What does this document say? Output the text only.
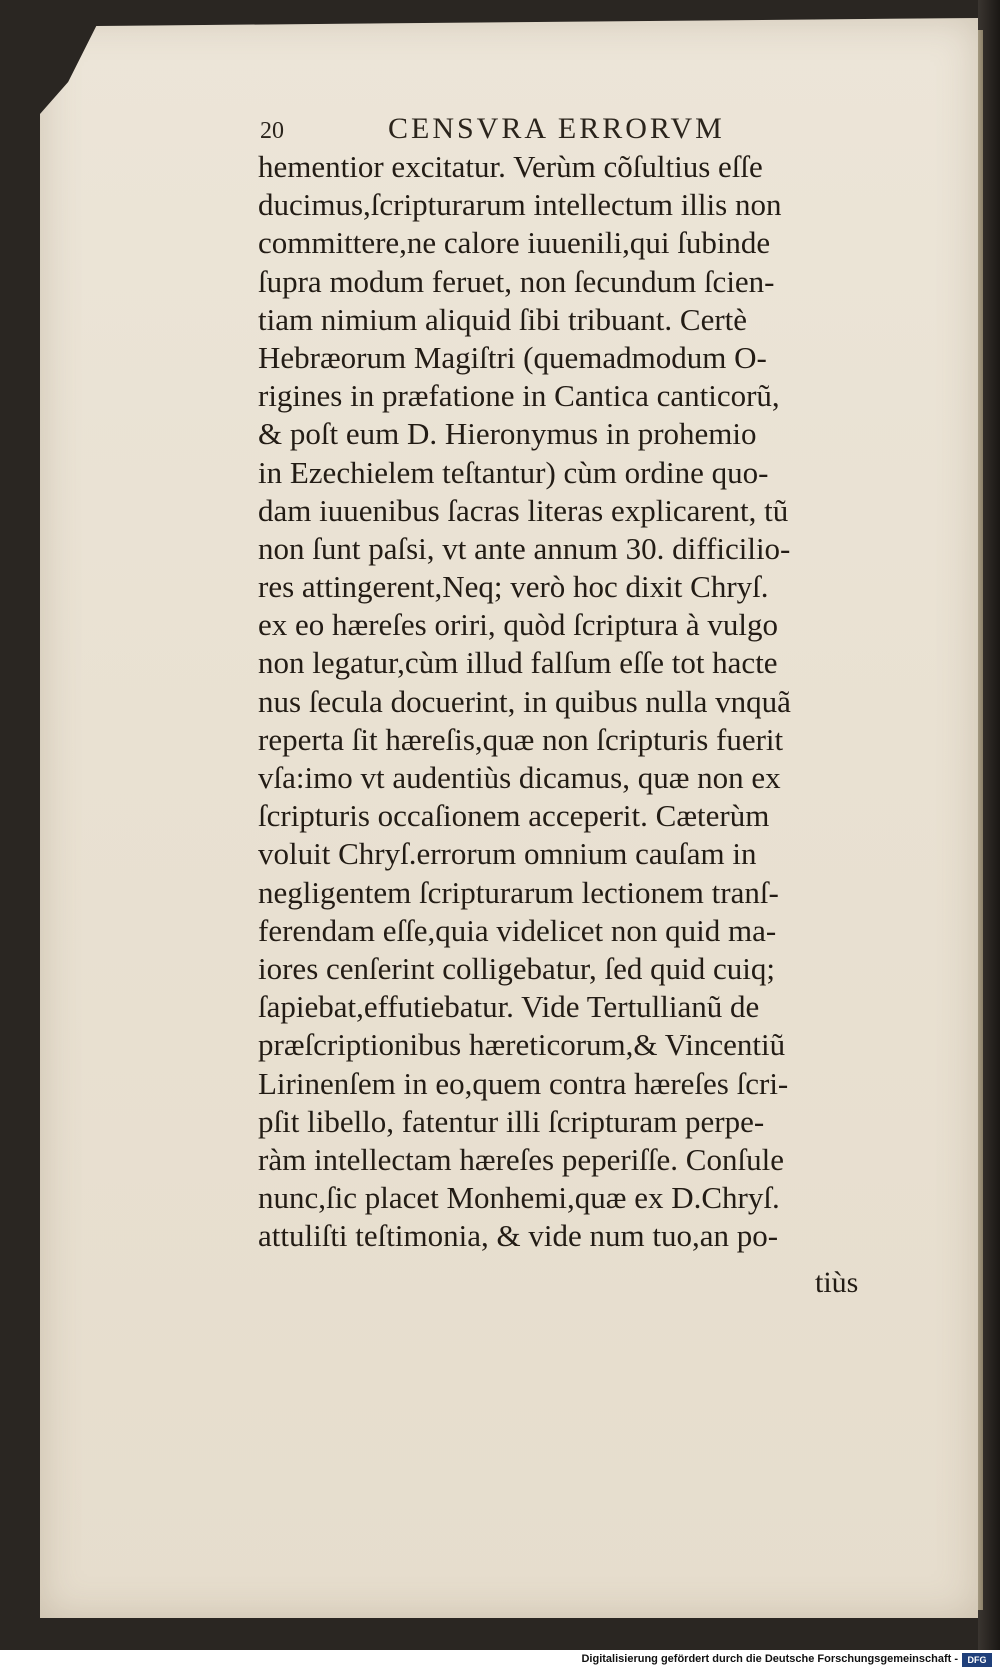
20	CENSVRA ERRORVM
hementior excitatur. Verùm cõſultius eſſe
ducimus,ſcripturarum intellectum illis non
committere,ne calore iuuenili,qui ſubinde
ſupra modum feruet, non ſecundum ſcien-
tiam nimium aliquid ſibi tribuant. Certè
Hebræorum Magiſtri (quemadmodum O-
rigines in præfatione in Cantica canticorũ,
& poſt eum D. Hieronymus in prohemio
in Ezechielem teſtantur) cùm ordine quo-
dam iuuenibus ſacras literas explicarent, tũ
non ſunt paſsi, vt ante annum 30. difficilio-
res attingerent,Neq; verò hoc dixit Chryſ.
ex eo hæreſes oriri, quòd ſcriptura à vulgo
non legatur,cùm illud falſum eſſe tot hacte
nus ſecula docuerint, in quibus nulla vnquã
reperta ſit hæreſis,quæ non ſcripturis fuerit
vſa:imo vt audentiùs dicamus, quæ non ex
ſcripturis occaſionem acceperit. Cæterùm
voluit Chryſ.errorum omnium cauſam in
negligentem ſcripturarum lectionem tranſ-
ferendam eſſe,quia videlicet non quid ma-
iores cenſerint colligebatur, ſed quid cuiq;
ſapiebat,effutiebatur. Vide Tertullianũ de
præſcriptionibus hæreticorum,& Vincentiũ
Lirinenſem in eo,quem contra hæreſes ſcri-
pſit libello, fatentur illi ſcripturam perpe-
ràm intellectam hæreſes peperiſſe. Conſule
nunc,ſic placet Monhemi,quæ ex D.Chryſ.
attuliſti teſtimonia, & vide num tuo,an po-
tiùs
Digitalisierung gefördert durch die Deutsche Forschungsgemeinschaft -	DFG
